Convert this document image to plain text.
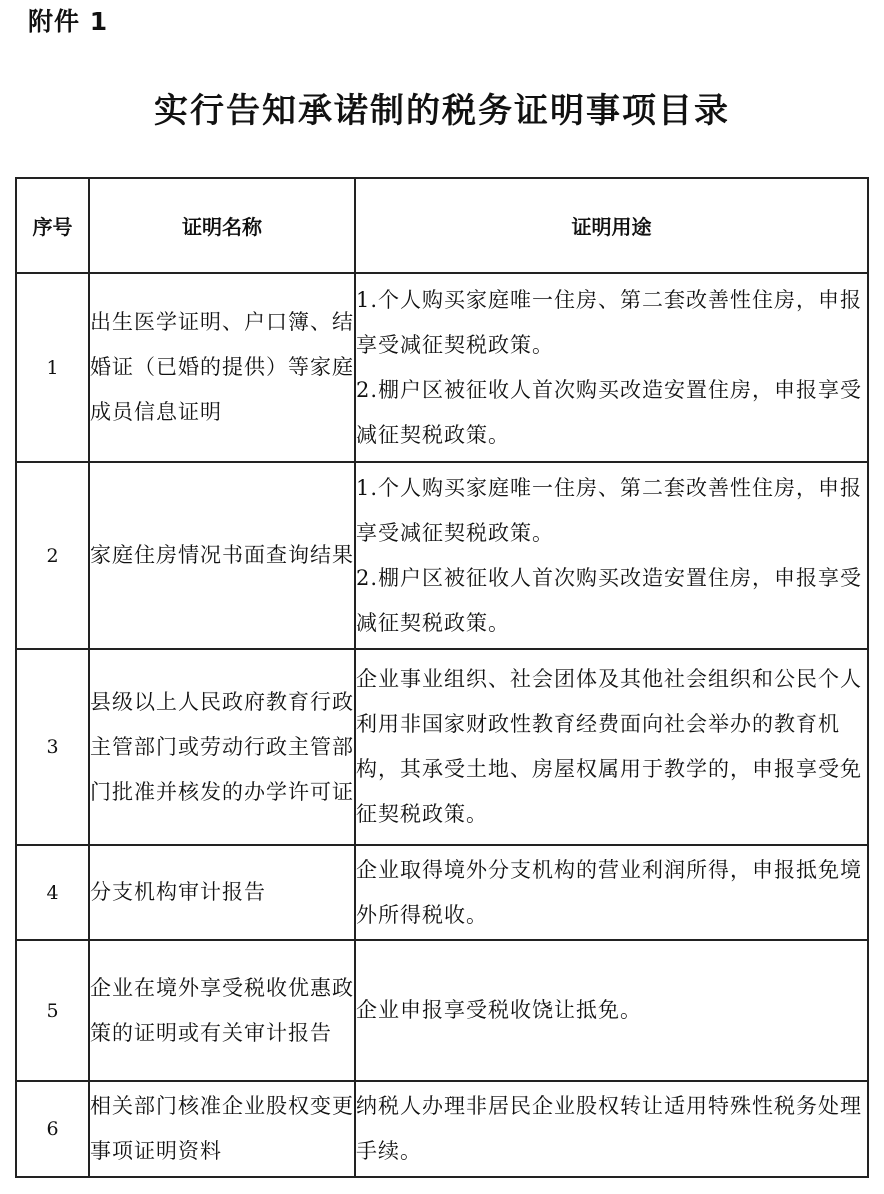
附件 1
实行告知承诺制的税务证明事项目录
序号	证明名称	证明用途
1	出生医学证明、户口簿、结婚证（已婚的提供）等家庭成员信息证明	1.个人购买家庭唯一住房、第二套改善性住房，申报享受减征契税政策。
2.棚户区被征收人首次购买改造安置住房，申报享受减征契税政策。

2	家庭住房情况书面查询结果	1.个人购买家庭唯一住房、第二套改善性住房，申报享受减征契税政策。
2.棚户区被征收人首次购买改造安置住房，申报享受减征契税政策。

3	县级以上人民政府教育行政主管部门或劳动行政主管部门批准并核发的办学许可证	企业事业组织、社会团体及其他社会组织和公民个人利用非国家财政性教育经费面向社会举办的教育机构，其承受土地、房屋权属用于教学的，申报享受免征契税政策。

4	分支机构审计报告	企业取得境外分支机构的营业利润所得，申报抵免境外所得税收。

5	企业在境外享受税收优惠政策的证明或有关审计报告	企业申报享受税收饶让抵免。

6	相关部门核准企业股权变更事项证明资料	纳税人办理非居民企业股权转让适用特殊性税务处理手续。
